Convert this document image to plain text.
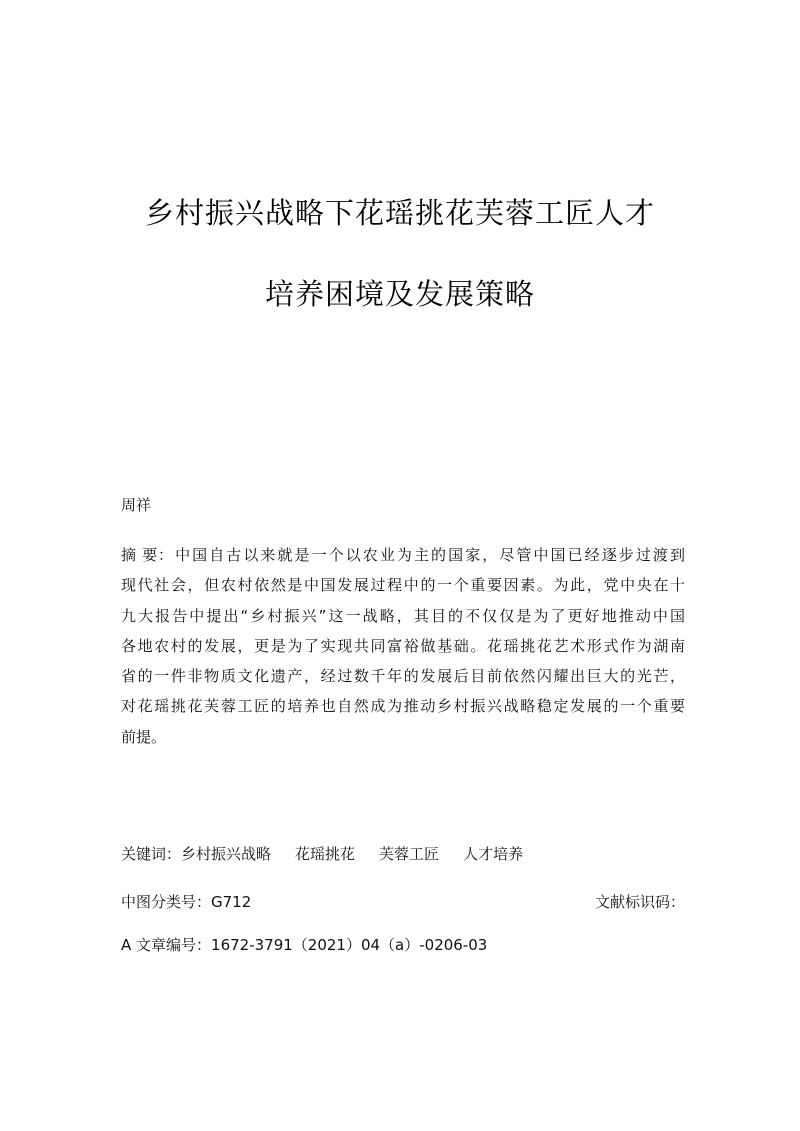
乡村振兴战略下花瑶挑花芙蓉工匠人才
培养困境及发展策略
周祥
摘 要：中国自古以来就是一个以农业为主的国家，尽管中国已经逐步过渡到
现代社会，但农村依然是中国发展过程中的一个重要因素。为此，党中央在十
九大报告中提出“乡村振兴”这一战略，其目的不仅仅是为了更好地推动中国
各地农村的发展，更是为了实现共同富裕做基础。花瑶挑花艺术形式作为湖南
省的一件非物质文化遗产，经过数千年的发展后目前依然闪耀出巨大的光芒，
对花瑶挑花芙蓉工匠的培养也自然成为推动乡村振兴战略稳定发展的一个重要
前提。
关键词：乡村振兴战略 花瑶挑花 芙蓉工匠 人才培养
中图分类号：G712	文献标识码：
A 文章编号：1672-3791（2021）04（a）-0206-03
